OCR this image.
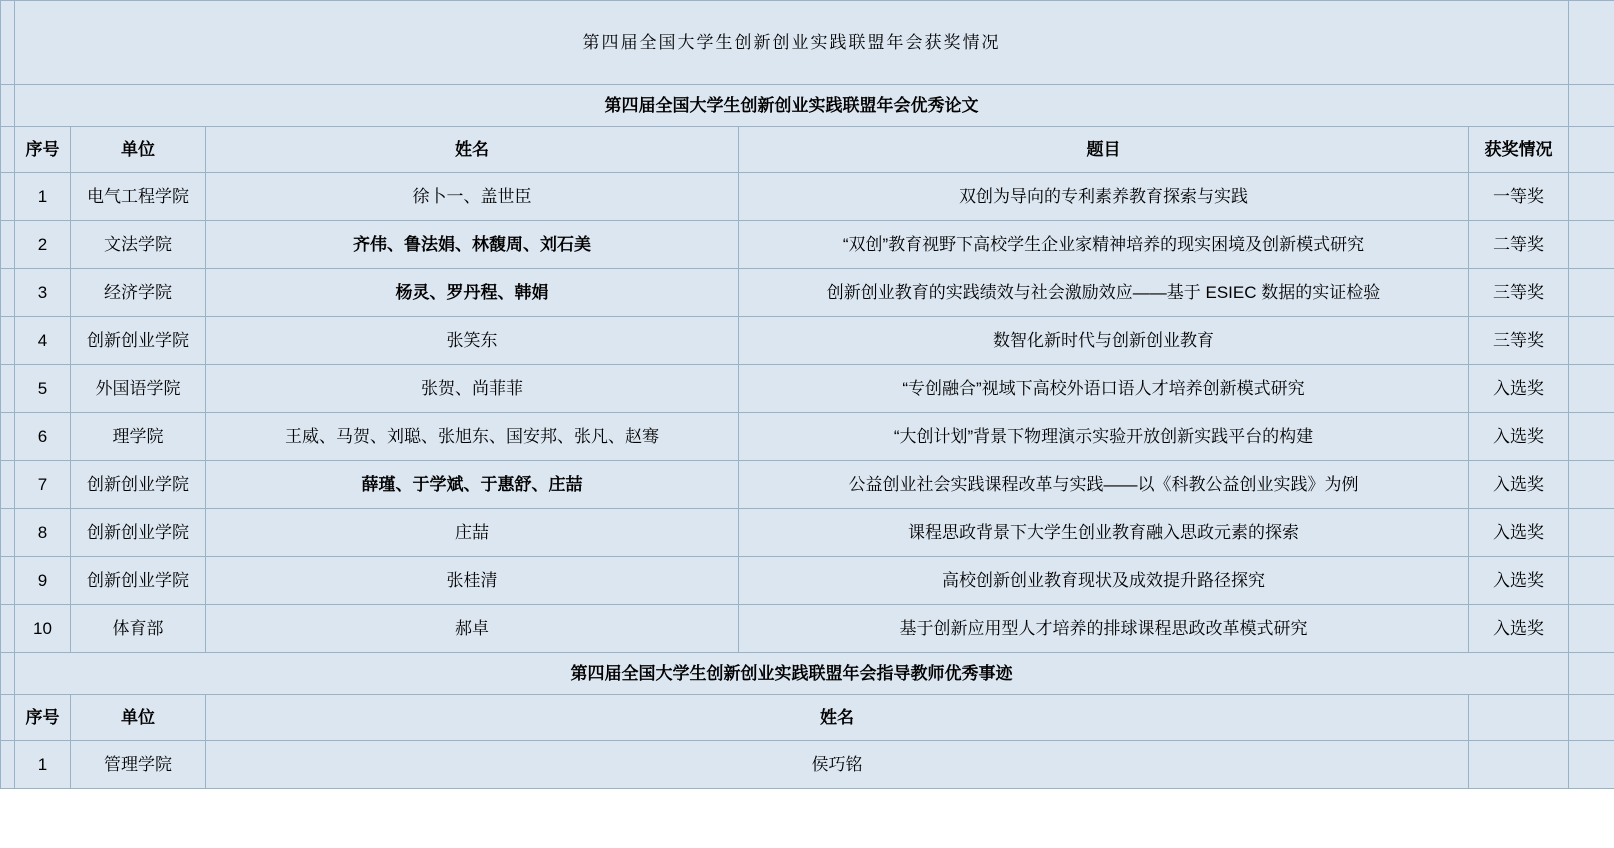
	第四届全国大学生创新创业实践联盟年会获奖情况					
	第四届全国大学生创新创业实践联盟年会优秀论文					
	序号	单位	姓名	题目	获奖情况	
	1	电气工程学院	徐卜一、盖世臣	双创为导向的专利素养教育探索与实践	一等奖	
	2	文法学院	齐伟、鲁法娟、林馥周、刘石美	“双创”教育视野下高校学生企业家精神培养的现实困境及创新模式研究	二等奖	
	3	经济学院	杨灵、罗丹程、韩娟	创新创业教育的实践绩效与社会激励效应——基于 ESIEC 数据的实证检验	三等奖	
	4	创新创业学院	张笑东	数智化新时代与创新创业教育	三等奖	
	5	外国语学院	张贺、尚菲菲	“专创融合”视域下高校外语口语人才培养创新模式研究	入选奖	
	6	理学院	王威、马贺、刘聪、张旭东、国安邦、张凡、赵骞	“大创计划”背景下物理演示实验开放创新实践平台的构建	入选奖	
	7	创新创业学院	薛瑾、于学斌、于惠舒、庄喆	公益创业社会实践课程改革与实践——以《科教公益创业实践》为例	入选奖	
	8	创新创业学院	庄喆	课程思政背景下大学生创业教育融入思政元素的探索	入选奖	
	9	创新创业学院	张桂清	高校创新创业教育现状及成效提升路径探究	入选奖	
	10	体育部	郝卓	基于创新应用型人才培养的排球课程思政改革模式研究	入选奖	
	第四届全国大学生创新创业实践联盟年会指导教师优秀事迹					
	序号	单位	姓名			
	1	管理学院	侯巧铭			
